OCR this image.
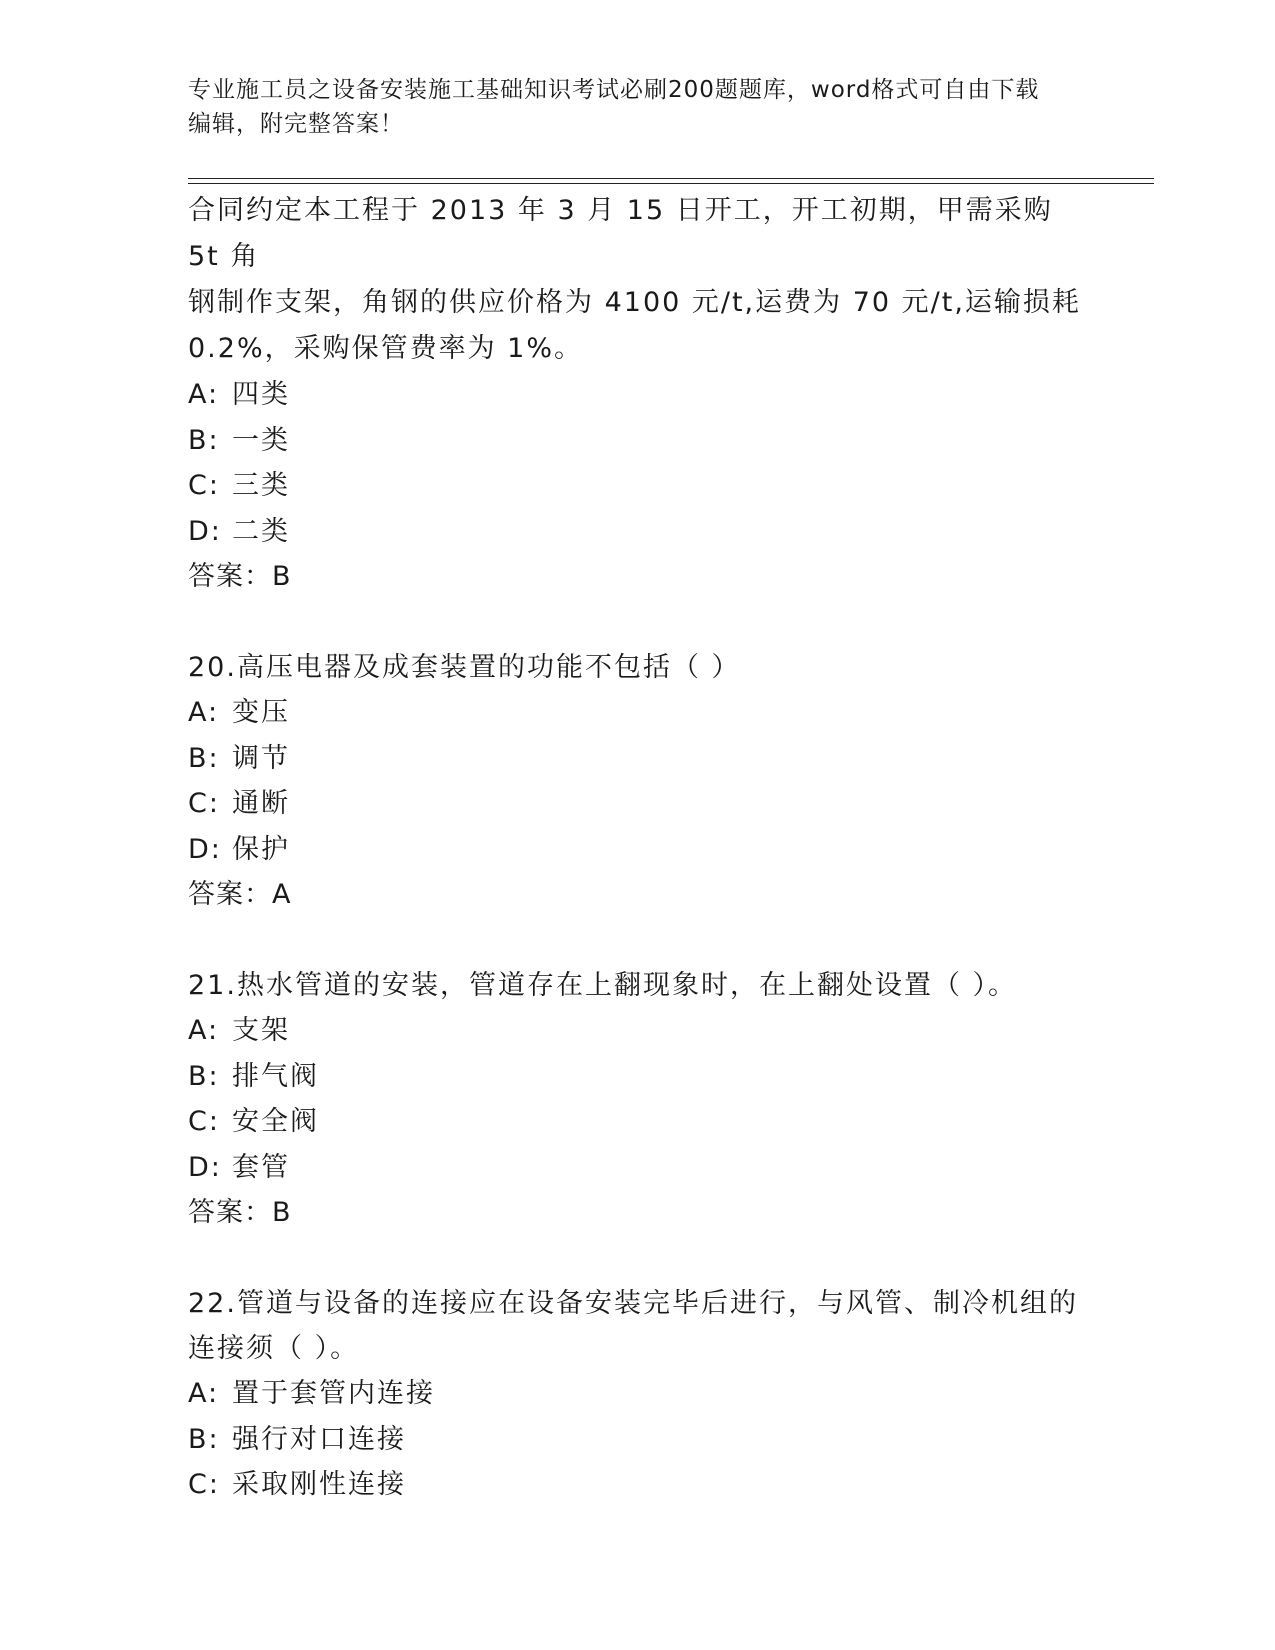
专业施工员之设备安装施工基础知识考试必刷200题题库，word格式可自由下载
编辑，附完整答案！

合同约定本工程于 2013 年 3 月 15 日开工，开工初期，甲需采购 5t 角

钢制作支架，角钢的供应价格为 4100 元/t,运费为 70 元/t,运输损耗

0.2%，采购保管费率为 1%。

A: 四类

B: 一类

C: 三类

D: 二类

答案：B

20.高压电器及成套装置的功能不包括（ ）

A: 变压

B: 调节

C: 通断

D: 保护

答案：A

21.热水管道的安装，管道存在上翻现象时，在上翻处设置（ ）。

A: 支架

B: 排气阀

C: 安全阀

D: 套管

答案：B

22.管道与设备的连接应在设备安装完毕后进行，与风管、制冷机组的

连接须（ ）。

A: 置于套管内连接

B: 强行对口连接

C: 采取刚性连接
